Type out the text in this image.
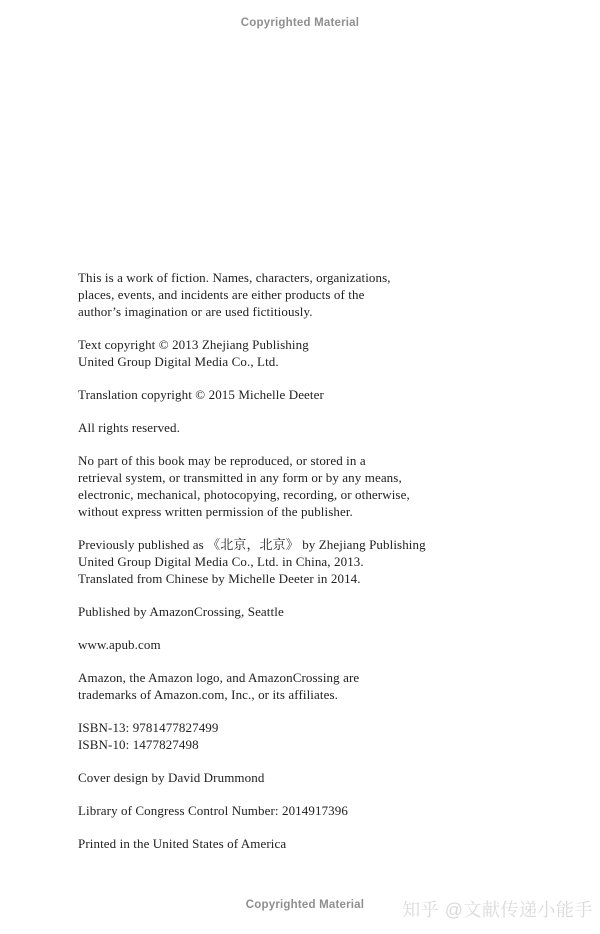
Copyrighted Material
This is a work of fiction. Names, characters, organizations,
places, events, and incidents are either products of the
author’s imagination or are used fictitiously.
Text copyright © 2013 Zhejiang Publishing
United Group Digital Media Co., Ltd.
Translation copyright © 2015 Michelle Deeter
All rights reserved.
No part of this book may be reproduced, or stored in a
retrieval system, or transmitted in any form or by any means,
electronic, mechanical, photocopying, recording, or otherwise,
without express written permission of the publisher.
Previously published as 《北京，北京》 by Zhejiang Publishing
United Group Digital Media Co., Ltd. in China, 2013.
Translated from Chinese by Michelle Deeter in 2014.
Published by AmazonCrossing, Seattle
www.apub.com
Amazon, the Amazon logo, and AmazonCrossing are
trademarks of Amazon.com, Inc., or its affiliates.
ISBN-13: 9781477827499
ISBN-10: 1477827498
Cover design by David Drummond
Library of Congress Control Number: 2014917396
Printed in the United States of America
Copyrighted Material	知乎 @文献传递小能手
